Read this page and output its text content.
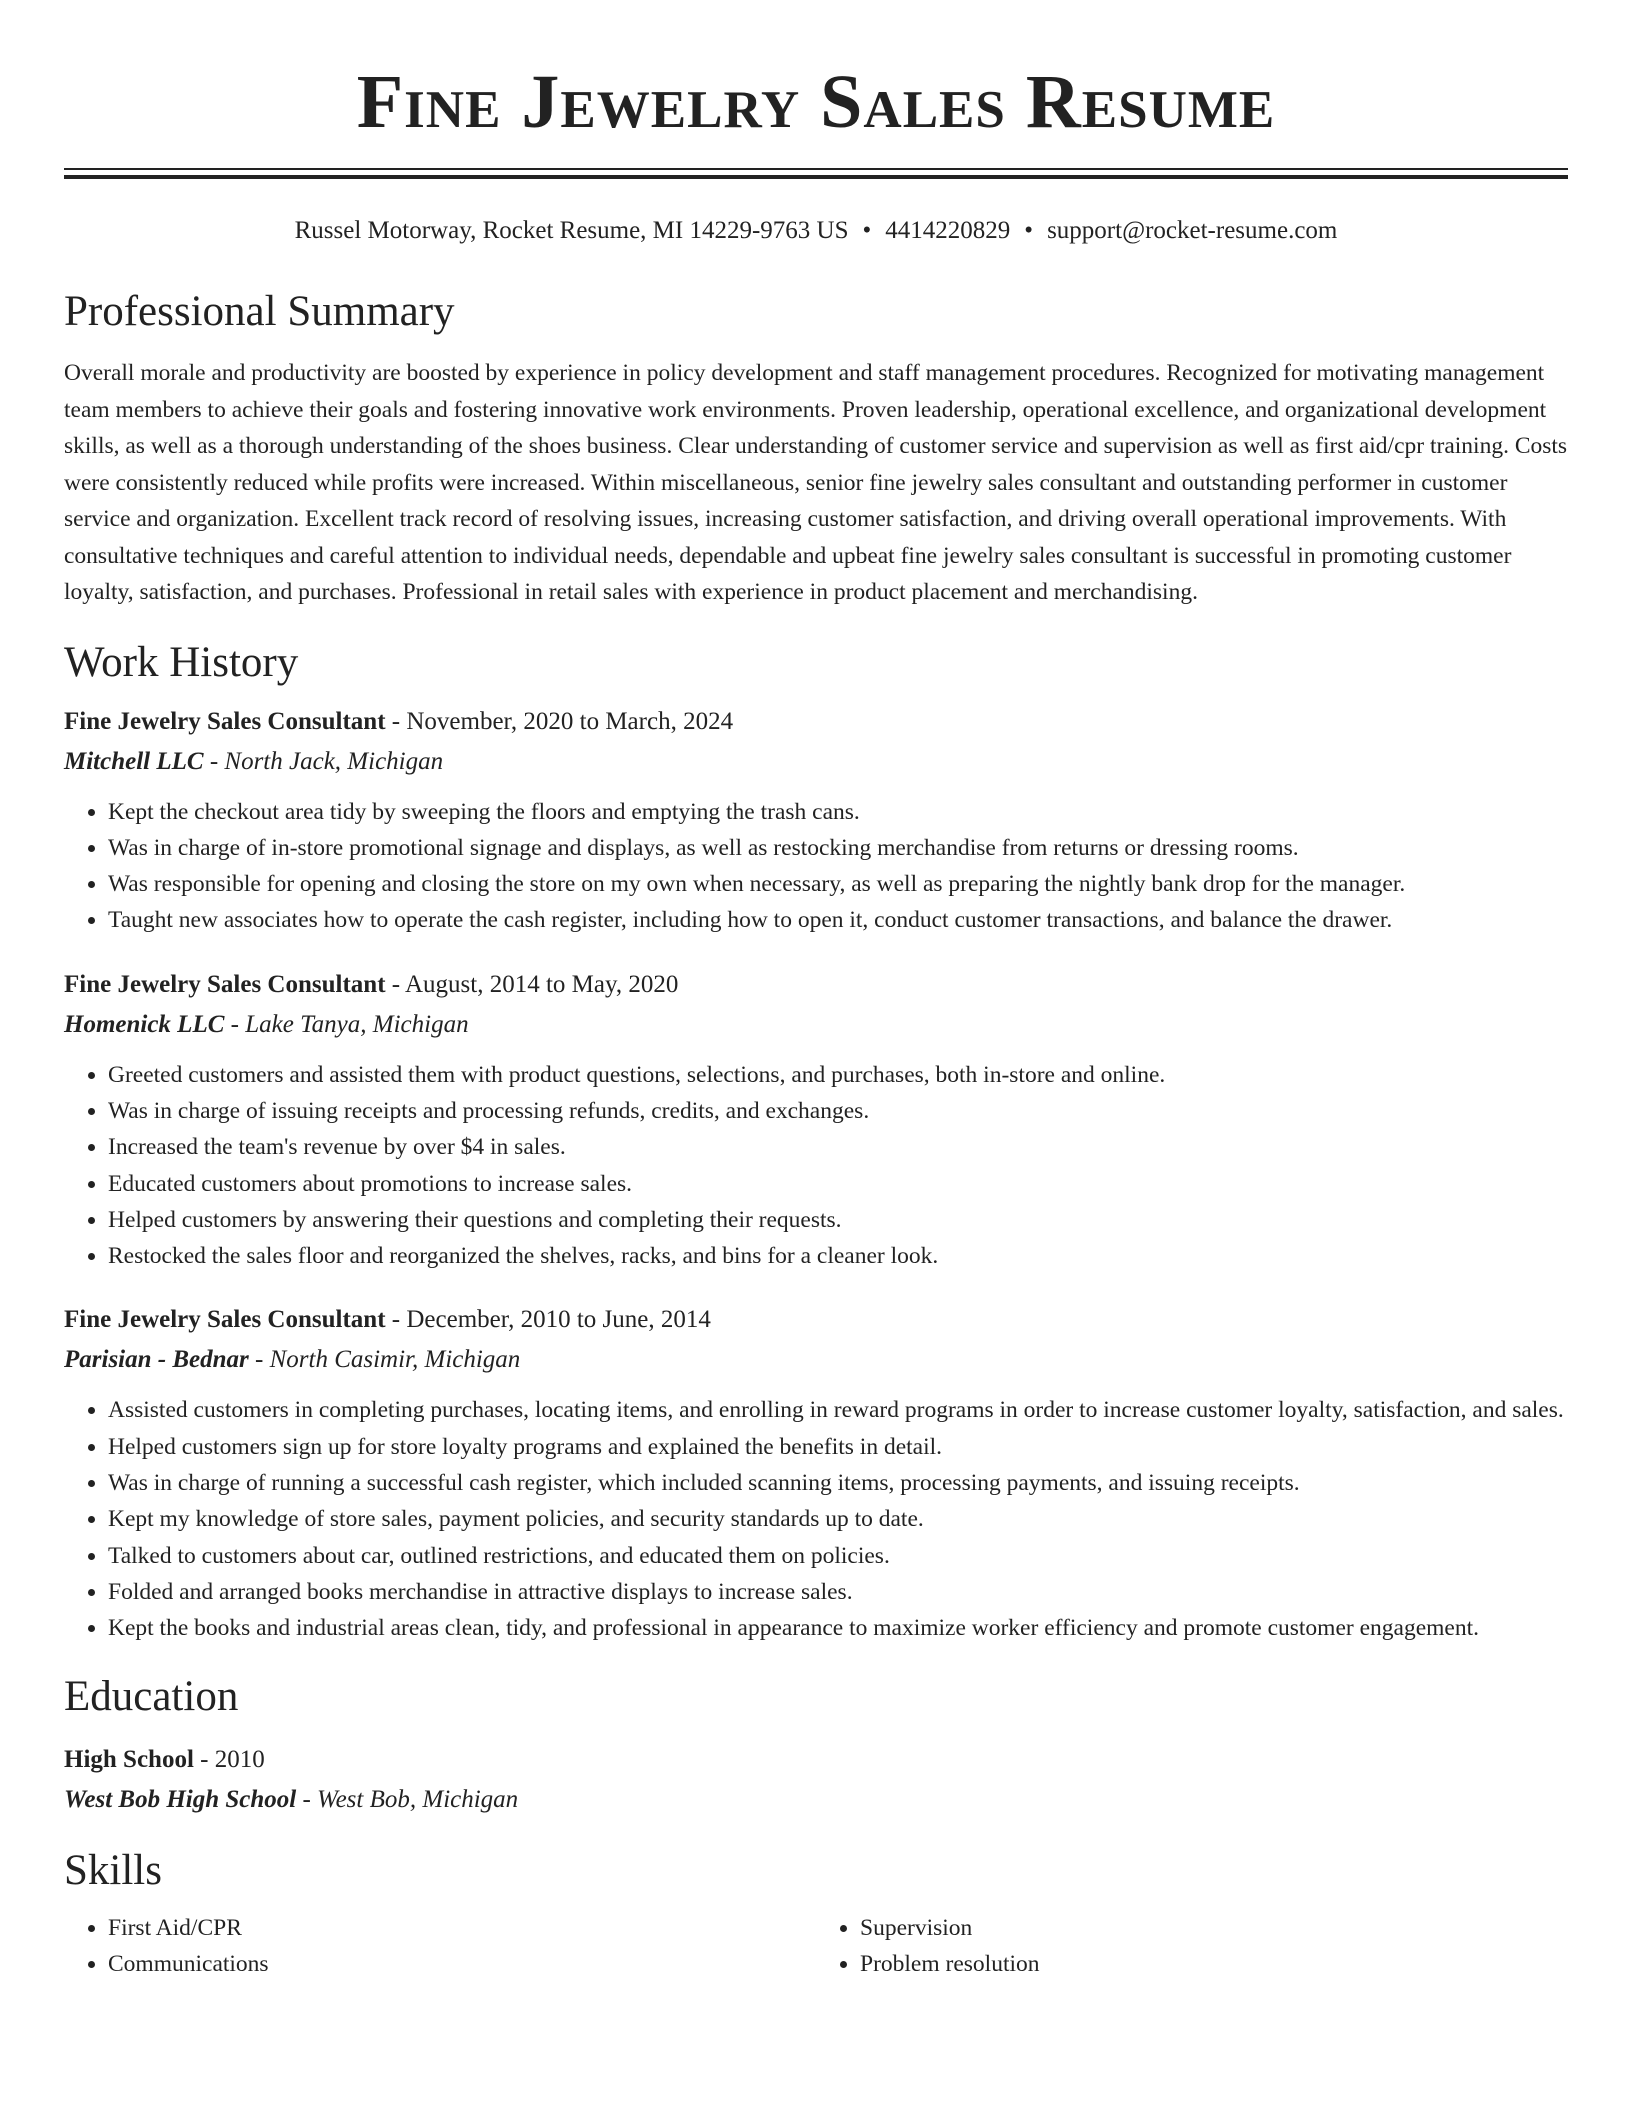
Fine Jewelry Sales Resume
Russel Motorway, Rocket Resume, MI 14229-9763 US • 4414220829 • support@rocket-resume.com
Professional Summary
Overall morale and productivity are boosted by experience in policy development and staff management procedures. Recognized for motivating management team members to achieve their goals and fostering innovative work environments. Proven leadership, operational excellence, and organizational development skills, as well as a thorough understanding of the shoes business. Clear understanding of customer service and supervision as well as first aid/cpr training. Costs were consistently reduced while profits were increased. Within miscellaneous, senior fine jewelry sales consultant and outstanding performer in customer service and organization. Excellent track record of resolving issues, increasing customer satisfaction, and driving overall operational improvements. With consultative techniques and careful attention to individual needs, dependable and upbeat fine jewelry sales consultant is successful in promoting customer loyalty, satisfaction, and purchases. Professional in retail sales with experience in product placement and merchandising.
Work History
Fine Jewelry Sales Consultant - November, 2020 to March, 2024
Mitchell LLC - North Jack, Michigan
• Kept the checkout area tidy by sweeping the floors and emptying the trash cans.
• Was in charge of in-store promotional signage and displays, as well as restocking merchandise from returns or dressing rooms.
• Was responsible for opening and closing the store on my own when necessary, as well as preparing the nightly bank drop for the manager.
• Taught new associates how to operate the cash register, including how to open it, conduct customer transactions, and balance the drawer.
Fine Jewelry Sales Consultant - August, 2014 to May, 2020
Homenick LLC - Lake Tanya, Michigan
• Greeted customers and assisted them with product questions, selections, and purchases, both in-store and online.
• Was in charge of issuing receipts and processing refunds, credits, and exchanges.
• Increased the team's revenue by over $4 in sales.
• Educated customers about promotions to increase sales.
• Helped customers by answering their questions and completing their requests.
• Restocked the sales floor and reorganized the shelves, racks, and bins for a cleaner look.
Fine Jewelry Sales Consultant - December, 2010 to June, 2014
Parisian - Bednar - North Casimir, Michigan
• Assisted customers in completing purchases, locating items, and enrolling in reward programs in order to increase customer loyalty, satisfaction, and sales.
• Helped customers sign up for store loyalty programs and explained the benefits in detail.
• Was in charge of running a successful cash register, which included scanning items, processing payments, and issuing receipts.
• Kept my knowledge of store sales, payment policies, and security standards up to date.
• Talked to customers about car, outlined restrictions, and educated them on policies.
• Folded and arranged books merchandise in attractive displays to increase sales.
• Kept the books and industrial areas clean, tidy, and professional in appearance to maximize worker efficiency and promote customer engagement.
Education
High School - 2010
West Bob High School - West Bob, Michigan
Skills
• First Aid/CPR
• Communications
• Supervision
• Problem resolution
